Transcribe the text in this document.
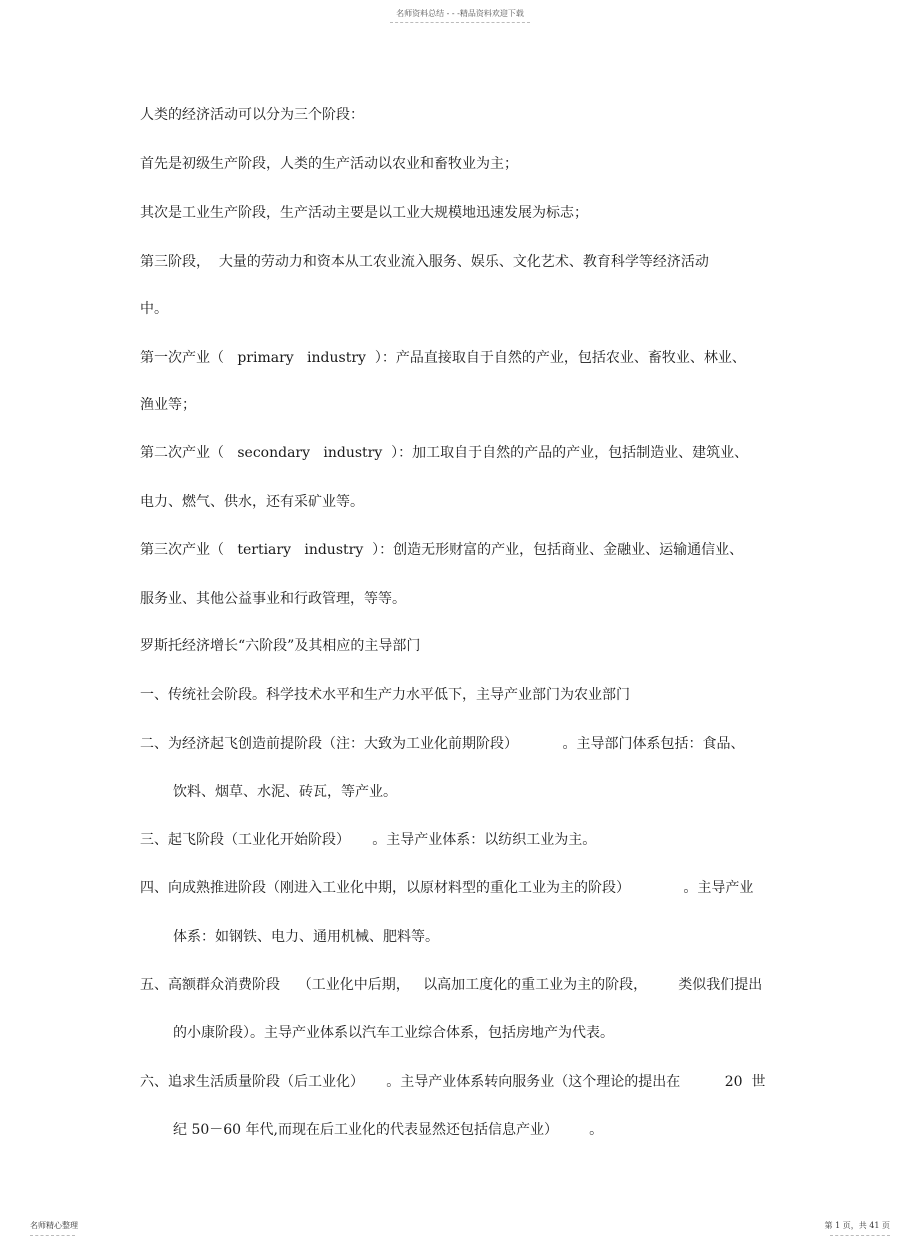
名师资料总结 - - -精品资料欢迎下载
人类的经济活动可以分为三个阶段：
首先是初级生产阶段，人类的生产活动以农业和畜牧业为主；
其次是工业生产阶段，生产活动主要是以工业大规模地迅速发展为标志；
第三阶段，  大量的劳动力和资本从工农业流入服务、娱乐、文化艺术、教育科学等经济活动
中。
第一次产业（   primary   industry  ）：产品直接取自于自然的产业，包括农业、畜牧业、林业、
渔业等；
第二次产业（   secondary   industry  ）：加工取自于自然的产品的产业，包括制造业、建筑业、
电力、燃气、供水，还有采矿业等。
第三次产业（   tertiary   industry  ）：创造无形财富的产业，包括商业、金融业、运输通信业、
服务业、其他公益事业和行政管理，等等。
罗斯托经济增长“六阶段”及其相应的主导部门
一、传统社会阶段。科学技术水平和生产力水平低下，主导产业部门为农业部门
二、为经济起飞创造前提阶段（注：大致为工业化前期阶段）          。主导部门体系包括：食品、
饮料、烟草、水泥、砖瓦，等产业。
三、起飞阶段（工业化开始阶段）     。主导产业体系：以纺织工业为主。
四、向成熟推进阶段（刚进入工业化中期，以原材料型的重化工业为主的阶段）            。主导产业
体系：如钢铁、电力、通用机械、肥料等。
五、高额群众消费阶段    （工业化中后期，   以高加工度化的重工业为主的阶段，       类似我们提出
的小康阶段）。主导产业体系以汽车工业综合体系，包括房地产为代表。
六、追求生活质量阶段（后工业化）     。主导产业体系转向服务业（这个理论的提出在          20  世
纪 50－60 年代,而现在后工业化的代表显然还包括信息产业）       。
名师精心整理	第 1 页，共 41 页
